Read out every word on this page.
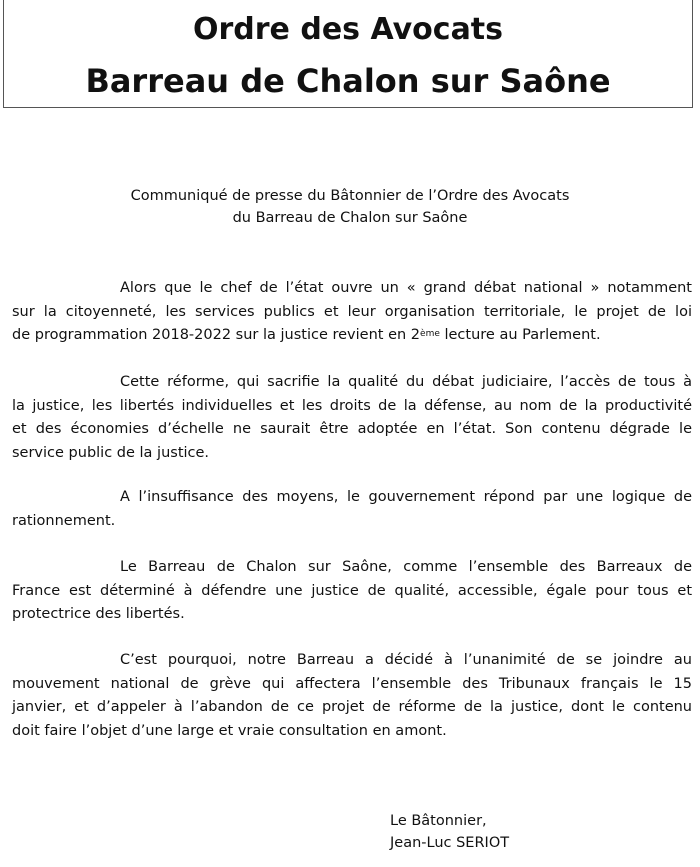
Ordre des Avocats
Barreau de Chalon sur Saône
Communiqué de presse du Bâtonnier de l’Ordre des Avocats
du Barreau de Chalon sur Saône
Alors que le chef de l’état ouvre un « grand débat national » notamment
sur la citoyenneté, les services publics et leur organisation territoriale, le projet de loi
de programmation 2018-2022 sur la justice revient en 2ème lecture au Parlement.
Cette réforme, qui sacrifie la qualité du débat judiciaire, l’accès de tous à
la justice, les libertés individuelles et les droits de la défense, au nom de la productivité
et des économies d’échelle ne saurait être adoptée en l’état. Son contenu dégrade le
service public de la justice.
A l’insuffisance des moyens, le gouvernement répond par une logique de
rationnement.
Le Barreau de Chalon sur Saône, comme l’ensemble des Barreaux de
France est déterminé à défendre une justice de qualité, accessible, égale pour tous et
protectrice des libertés.
C’est pourquoi, notre Barreau a décidé à l’unanimité de se joindre au
mouvement national de grève qui affectera l’ensemble des Tribunaux français le 15
janvier, et d’appeler à l’abandon de ce projet de réforme de la justice, dont le contenu
doit faire l’objet d’une large et vraie consultation en amont.
Le Bâtonnier,
Jean-Luc SERIOT
